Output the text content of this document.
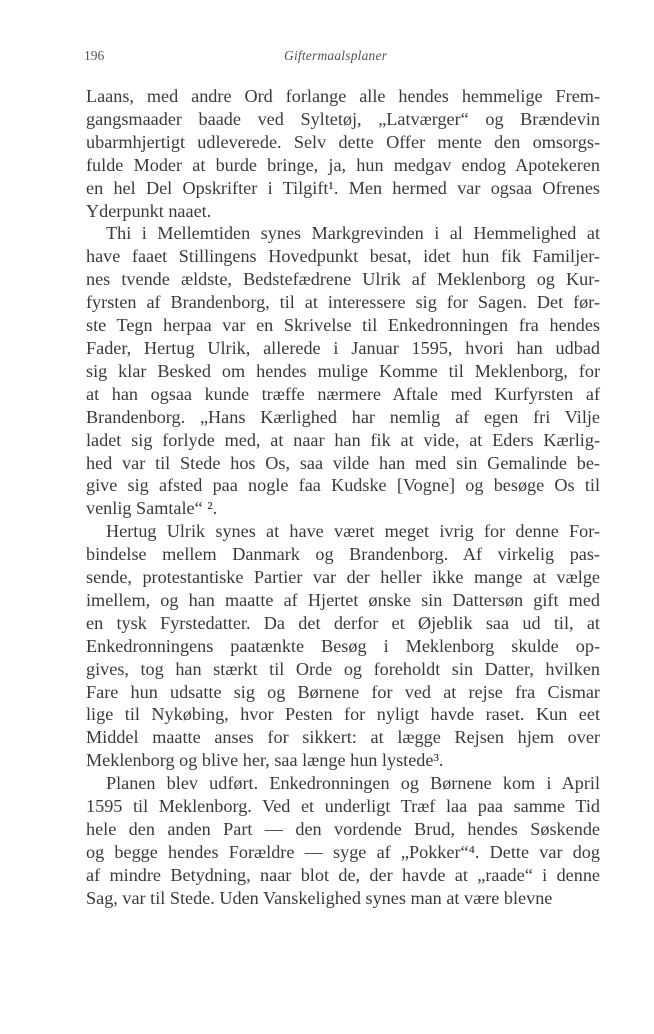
196	Giftermaalsplaner
Laans, med andre Ord forlange alle hendes hemmelige Frem-
gangsmaader baade ved Syltetøj, „Latværger“ og Brændevin
ubarmhjertigt udleverede. Selv dette Offer mente den omsorgs-
fulde Moder at burde bringe, ja, hun medgav endog Apotekeren
en hel Del Opskrifter i Tilgift¹. Men hermed var ogsaa Ofrenes
Yderpunkt naaet.
Thi i Mellemtiden synes Markgrevinden i al Hemmelighed at
have faaet Stillingens Hovedpunkt besat, idet hun fik Familjer-
nes tvende ældste, Bedstefædrene Ulrik af Meklenborg og Kur-
fyrsten af Brandenborg, til at interessere sig for Sagen. Det før-
ste Tegn herpaa var en Skrivelse til Enkedronningen fra hendes
Fader, Hertug Ulrik, allerede i Januar 1595, hvori han udbad
sig klar Besked om hendes mulige Komme til Meklenborg, for
at han ogsaa kunde træffe nærmere Aftale med Kurfyrsten af
Brandenborg. „Hans Kærlighed har nemlig af egen fri Vilje
ladet sig forlyde med, at naar han fik at vide, at Eders Kærlig-
hed var til Stede hos Os, saa vilde han med sin Gemalinde be-
give sig afsted paa nogle faa Kudske [Vogne] og besøge Os til
venlig Samtale“ ².
Hertug Ulrik synes at have været meget ivrig for denne For-
bindelse mellem Danmark og Brandenborg. Af virkelig pas-
sende, protestantiske Partier var der heller ikke mange at vælge
imellem, og han maatte af Hjertet ønske sin Dattersøn gift med
en tysk Fyrstedatter. Da det derfor et Øjeblik saa ud til, at
Enkedronningens paatænkte Besøg i Meklenborg skulde op-
gives, tog han stærkt til Orde og foreholdt sin Datter, hvilken
Fare hun udsatte sig og Børnene for ved at rejse fra Cismar
lige til Nykøbing, hvor Pesten for nyligt havde raset. Kun eet
Middel maatte anses for sikkert: at lægge Rejsen hjem over
Meklenborg og blive her, saa længe hun lystede³.
Planen blev udført. Enkedronningen og Børnene kom i April
1595 til Meklenborg. Ved et underligt Træf laa paa samme Tid
hele den anden Part — den vordende Brud, hendes Søskende
og begge hendes Forældre — syge af „Pokker“⁴. Dette var dog
af mindre Betydning, naar blot de, der havde at „raade“ i denne
Sag, var til Stede. Uden Vanskelighed synes man at være blevne
